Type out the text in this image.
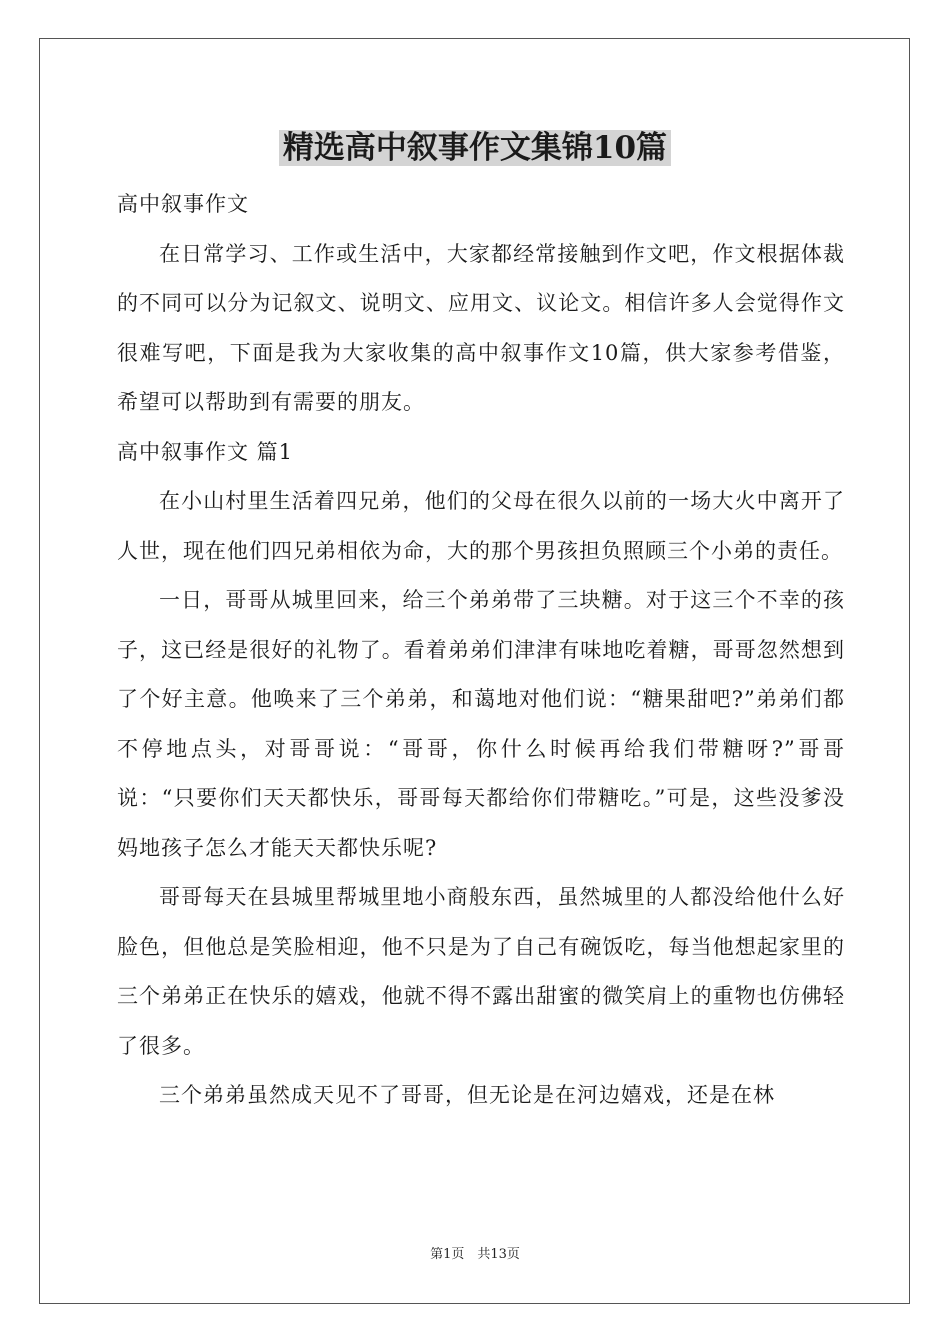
精选高中叙事作文集锦10篇

高中叙事作文

在日常学习、工作或生活中，大家都经常接触到作文吧，作文根据体裁的不同可以分为记叙文、说明文、应用文、议论文。相信许多人会觉得作文很难写吧，下面是我为大家收集的高中叙事作文10篇，供大家参考借鉴，希望可以帮助到有需要的朋友。

高中叙事作文 篇1

在小山村里生活着四兄弟，他们的父母在很久以前的一场大火中离开了人世，现在他们四兄弟相依为命，大的那个男孩担负照顾三个小弟的责任。

一日，哥哥从城里回来，给三个弟弟带了三块糖。对于这三个不幸的孩子，这已经是很好的礼物了。看着弟弟们津津有味地吃着糖，哥哥忽然想到了个好主意。他唤来了三个弟弟，和蔼地对他们说：“糖果甜吧?”弟弟们都不停地点头，对哥哥说：“哥哥，你什么时候再给我们带糖呀?”哥哥说：“只要你们天天都快乐，哥哥每天都给你们带糖吃。”可是，这些没爹没妈地孩子怎么才能天天都快乐呢?

哥哥每天在县城里帮城里地小商般东西，虽然城里的人都没给他什么好脸色，但他总是笑脸相迎，他不只是为了自己有碗饭吃，每当他想起家里的三个弟弟正在快乐的嬉戏，他就不得不露出甜蜜的微笑肩上的重物也仿佛轻了很多。

三个弟弟虽然成天见不了哥哥，但无论是在河边嬉戏，还是在林

第1页　共13页
